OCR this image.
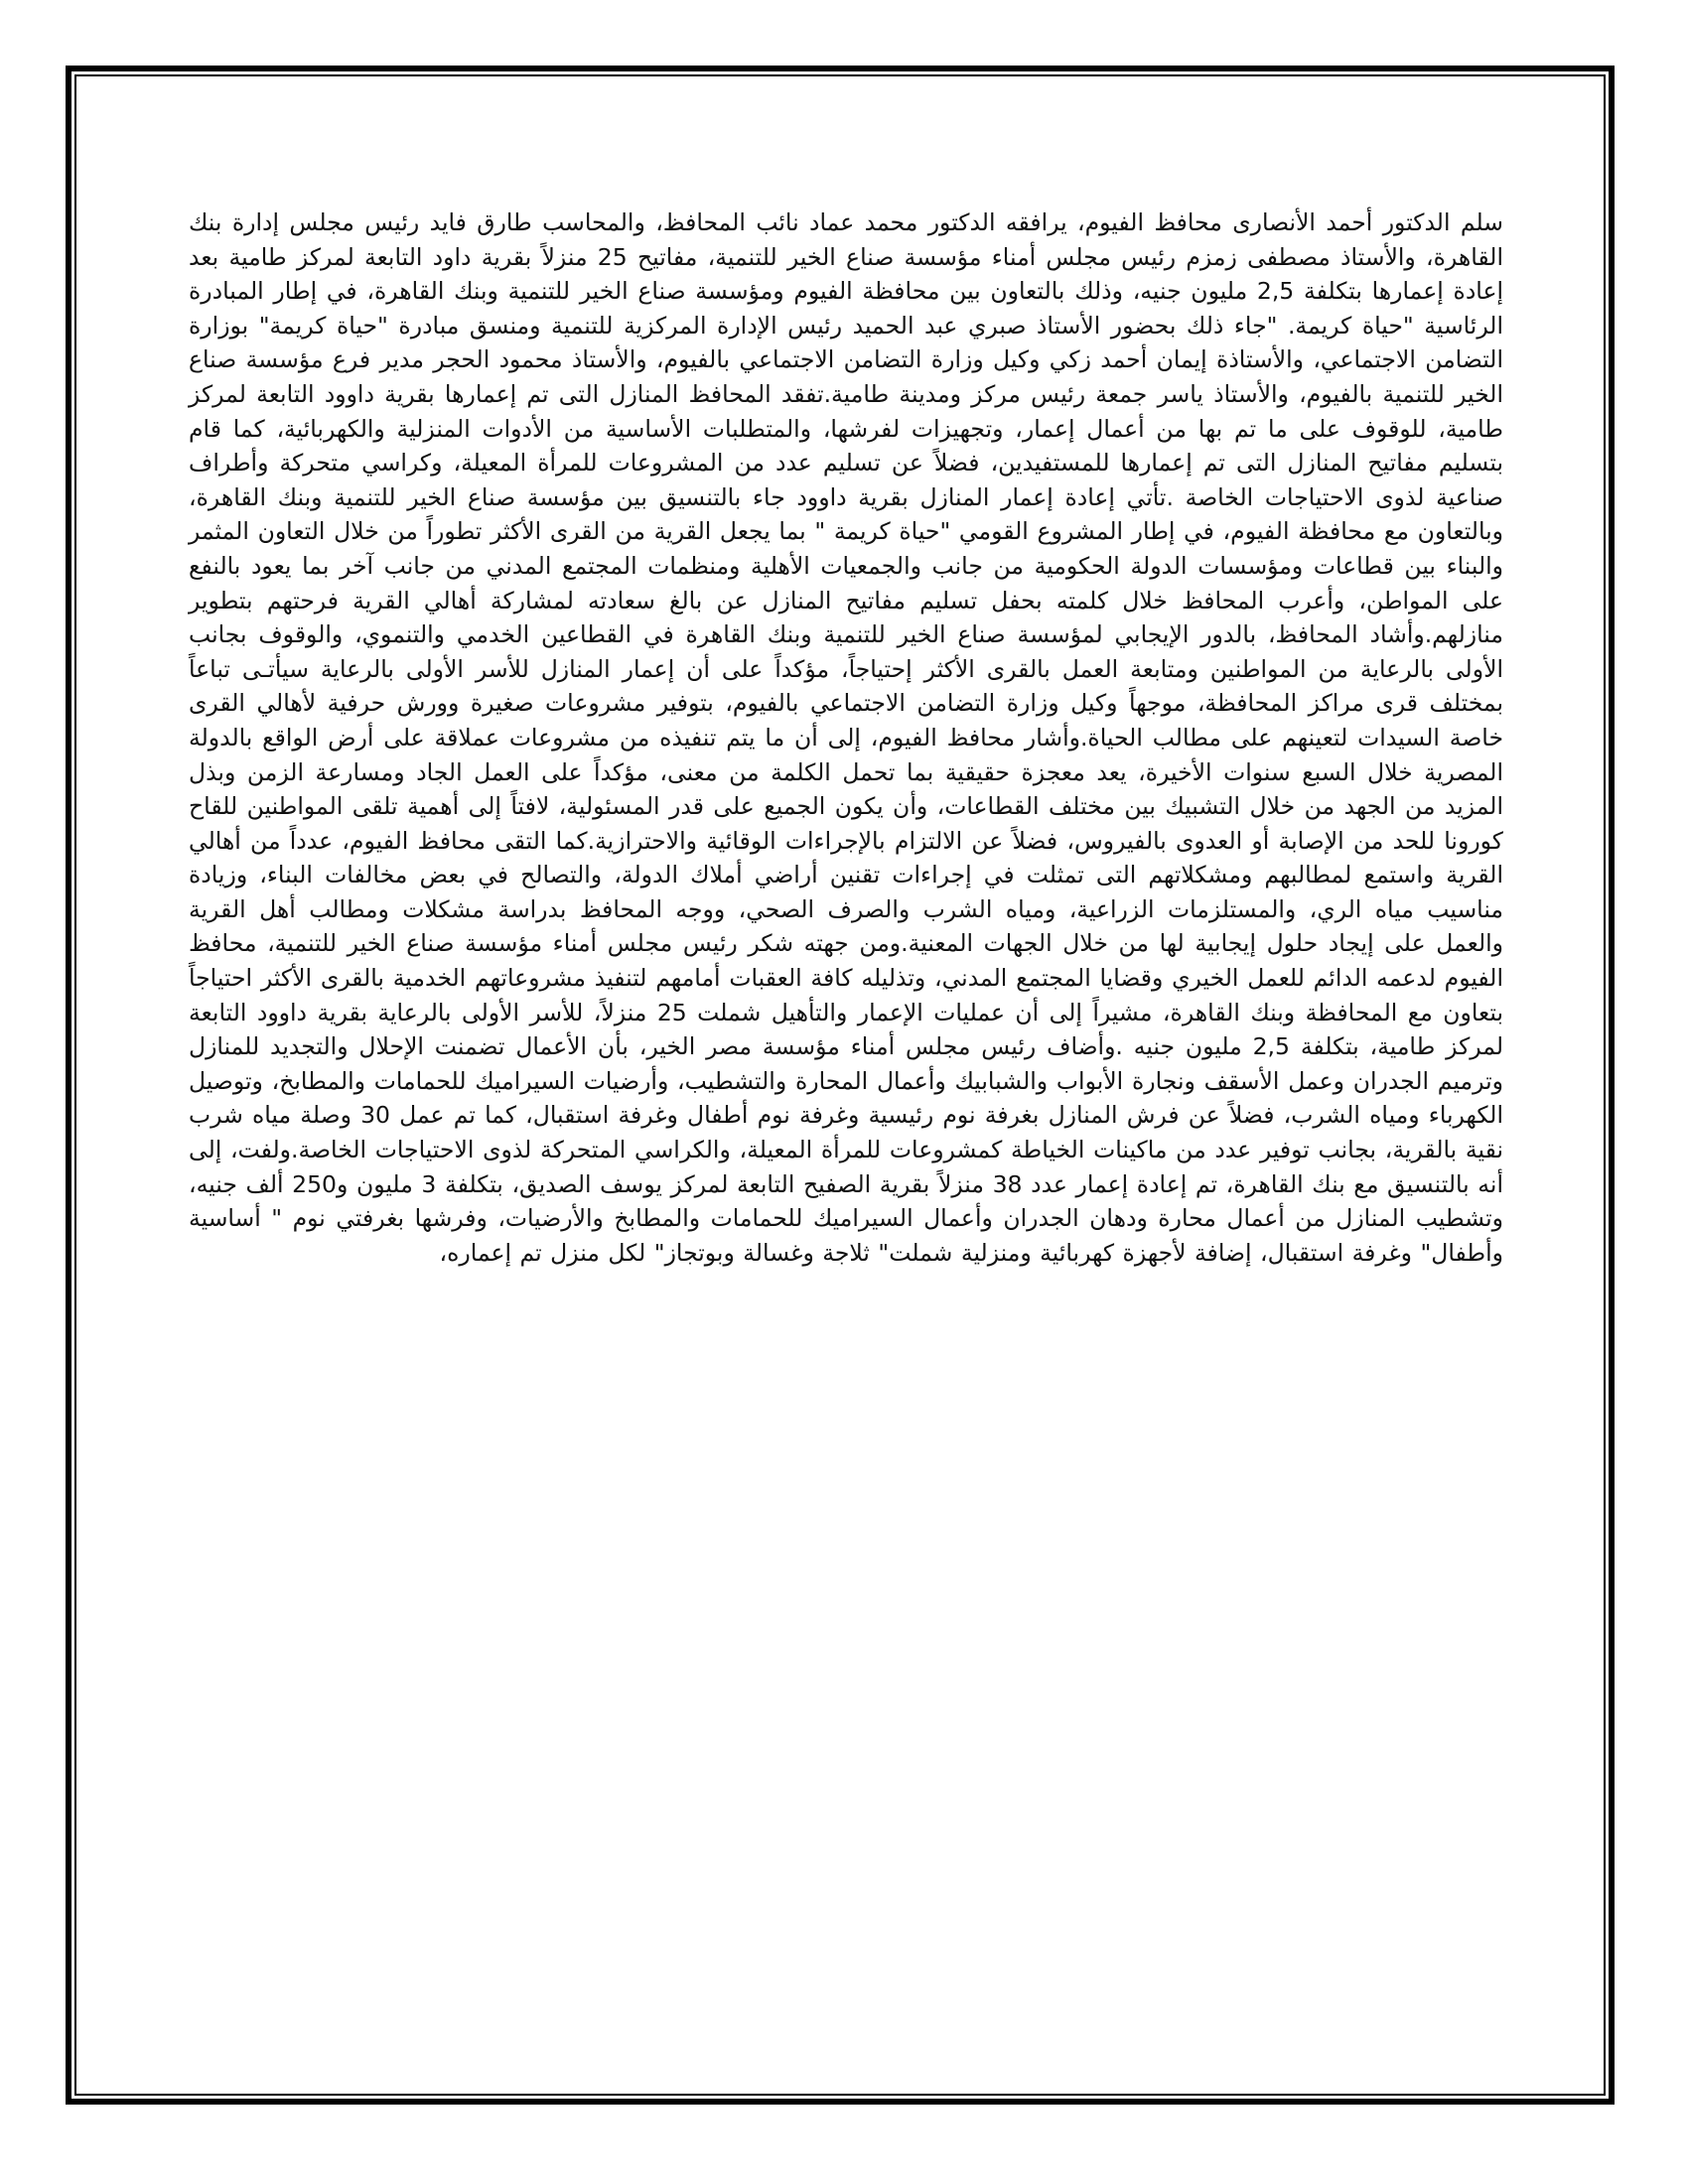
سلم الدكتور أحمد الأنصارى محافظ الفيوم، يرافقه الدكتور محمد عماد نائب المحافظ، والمحاسب طارق فايد رئيس مجلس إدارة بنك القاهرة، والأستاذ مصطفى زمزم رئيس مجلس أمناء مؤسسة صناع الخير للتنمية، مفاتيح 25 منزلاً بقرية داود التابعة لمركز طامية بعد إعادة إعمارها بتكلفة 2,5 مليون جنيه، وذلك بالتعاون بين محافظة الفيوم ومؤسسة صناع الخير للتنمية وبنك القاهرة، في إطار المبادرة الرئاسية "حياة كريمة. "جاء ذلك بحضور الأستاذ صبري عبد الحميد رئيس الإدارة المركزية للتنمية ومنسق مبادرة "حياة كريمة" بوزارة التضامن الاجتماعي، والأستاذة إيمان أحمد زكي وكيل وزارة التضامن الاجتماعي بالفيوم، والأستاذ محمود الحجر مدير فرع مؤسسة صناع الخير للتنمية بالفيوم، والأستاذ ياسر جمعة رئيس مركز ومدينة طامية.تفقد المحافظ المنازل التى تم إعمارها بقرية داوود التابعة لمركز طامية، للوقوف على ما تم بها من أعمال إعمار، وتجهيزات لفرشها، والمتطلبات الأساسية من الأدوات المنزلية والكهربائية، كما قام بتسليم مفاتيح المنازل التى تم إعمارها للمستفيدين، فضلاً عن تسليم عدد من المشروعات للمرأة المعيلة، وكراسي متحركة وأطراف صناعية لذوى الاحتياجات الخاصة .تأتي إعادة إعمار المنازل بقرية داوود جاء بالتنسيق بين مؤسسة صناع الخير للتنمية وبنك القاهرة، وبالتعاون مع محافظة الفيوم، في إطار المشروع القومي "حياة كريمة " بما يجعل القرية من القرى الأكثر تطوراً من خلال التعاون المثمر والبناء بين قطاعات ومؤسسات الدولة الحكومية من جانب والجمعيات الأهلية ومنظمات المجتمع المدني من جانب آخر بما يعود بالنفع على المواطن، وأعرب المحافظ خلال كلمته بحفل تسليم مفاتيح المنازل عن بالغ سعادته لمشاركة أهالي القرية فرحتهم بتطوير منازلهم.وأشاد المحافظ، بالدور الإيجابي لمؤسسة صناع الخير للتنمية وبنك القاهرة في القطاعين الخدمي والتنموي، والوقوف بجانب الأولى بالرعاية من المواطنين ومتابعة العمل بالقرى الأكثر إحتياجاً، مؤكداً على أن إعمار المنازل للأسر الأولى بالرعاية سيأتـى تباعاً بمختلف قرى مراكز المحافظة، موجهاً وكيل وزارة التضامن الاجتماعي بالفيوم، بتوفير مشروعات صغيرة وورش حرفية لأهالي القرى خاصة السيدات لتعينهم على مطالب الحياة.وأشار محافظ الفيوم، إلى أن ما يتم تنفيذه من مشروعات عملاقة على أرض الواقع بالدولة المصرية خلال السبع سنوات الأخيرة، يعد معجزة حقيقية بما تحمل الكلمة من معنى، مؤكداً على العمل الجاد ومسارعة الزمن وبذل المزيد من الجهد من خلال التشبيك بين مختلف القطاعات، وأن يكون الجميع على قدر المسئولية، لافتاً إلى أهمية تلقى المواطنين للقاح كورونا للحد من الإصابة أو العدوى بالفيروس، فضلاً عن الالتزام بالإجراءات الوقائية والاحترازية.كما التقى محافظ الفيوم، عدداً من أهالي القرية واستمع لمطالبهم ومشكلاتهم التى تمثلت في إجراءات تقنين أراضي أملاك الدولة، والتصالح في بعض مخالفات البناء، وزيادة مناسيب مياه الري، والمستلزمات الزراعية، ومياه الشرب والصرف الصحي، ووجه المحافظ بدراسة مشكلات ومطالب أهل القرية والعمل على إيجاد حلول إيجابية لها من خلال الجهات المعنية.ومن جهته شكر رئيس مجلس أمناء مؤسسة صناع الخير للتنمية، محافظ الفيوم لدعمه الدائم للعمل الخيري وقضايا المجتمع المدني، وتذليله كافة العقبات أمامهم لتنفيذ مشروعاتهم الخدمية بالقرى الأكثر احتياجاً بتعاون مع المحافظة وبنك القاهرة، مشيراً إلى أن عمليات الإعمار والتأهيل شملت 25 منزلاً، للأسر الأولى بالرعاية بقرية داوود التابعة لمركز طامية، بتكلفة 2,5 مليون جنيه .وأضاف رئيس مجلس أمناء مؤسسة مصر الخير، بأن الأعمال تضمنت الإحلال والتجديد للمنازل وترميم الجدران وعمل الأسقف ونجارة الأبواب والشبابيك وأعمال المحارة والتشطيب، وأرضيات السيراميك للحمامات والمطابخ، وتوصيل الكهرباء ومياه الشرب، فضلاً عن فرش المنازل بغرفة نوم رئيسية وغرفة نوم أطفال وغرفة استقبال، كما تم عمل 30 وصلة مياه شرب نقية بالقرية، بجانب توفير عدد من ماكينات الخياطة كمشروعات للمرأة المعيلة، والكراسي المتحركة لذوى الاحتياجات الخاصة.ولفت، إلى أنه بالتنسيق مع بنك القاهرة، تم إعادة إعمار عدد 38 منزلاً بقرية الصفيح التابعة لمركز يوسف الصديق، بتكلفة 3 مليون و250 ألف جنيه، وتشطيب المنازل من أعمال محارة ودهان الجدران وأعمال السيراميك للحمامات والمطابخ والأرضيات، وفرشها بغرفتي نوم " أساسية وأطفال" وغرفة استقبال، إضافة لأجهزة كهربائية ومنزلية شملت" ثلاجة وغسالة وبوتجاز" لكل منزل تم إعماره،
